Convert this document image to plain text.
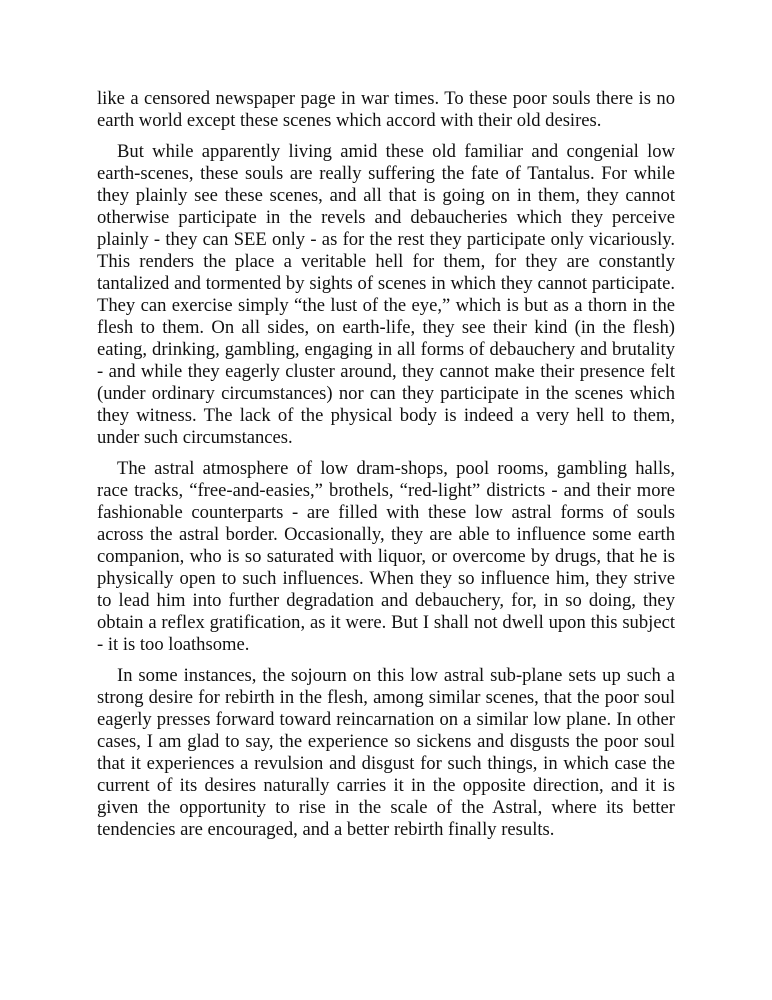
like a censored newspaper page in war times. To these poor souls there is no earth world except these scenes which accord with their old desires.

But while apparently living amid these old familiar and congenial low earth-scenes, these souls are really suffering the fate of Tantalus. For while they plainly see these scenes, and all that is going on in them, they cannot otherwise participate in the revels and debaucheries which they perceive plainly - they can SEE only - as for the rest they participate only vicariously. This renders the place a veritable hell for them, for they are constantly tantalized and tormented by sights of scenes in which they cannot participate. They can exercise simply “the lust of the eye,” which is but as a thorn in the flesh to them. On all sides, on earth-life, they see their kind (in the flesh) eating, drinking, gambling, engaging in all forms of debauchery and brutality - and while they eagerly cluster around, they cannot make their presence felt (under ordinary circumstances) nor can they participate in the scenes which they witness. The lack of the physical body is indeed a very hell to them, under such circumstances.

The astral atmosphere of low dram-shops, pool rooms, gambling halls, race tracks, “free-and-easies,” brothels, “red-light” districts - and their more fashionable counterparts - are filled with these low astral forms of souls across the astral border. Occasionally, they are able to influence some earth companion, who is so saturated with liquor, or overcome by drugs, that he is physically open to such influences. When they so influence him, they strive to lead him into further degradation and debauchery, for, in so doing, they obtain a reflex gratification, as it were. But I shall not dwell upon this subject - it is too loathsome.

In some instances, the sojourn on this low astral sub-plane sets up such a strong desire for rebirth in the flesh, among similar scenes, that the poor soul eagerly presses forward toward reincarnation on a similar low plane. In other cases, I am glad to say, the experience so sickens and disgusts the poor soul that it experiences a revulsion and disgust for such things, in which case the current of its desires naturally carries it in the opposite direction, and it is given the opportunity to rise in the scale of the Astral, where its better tendencies are encouraged, and a better rebirth finally results.
